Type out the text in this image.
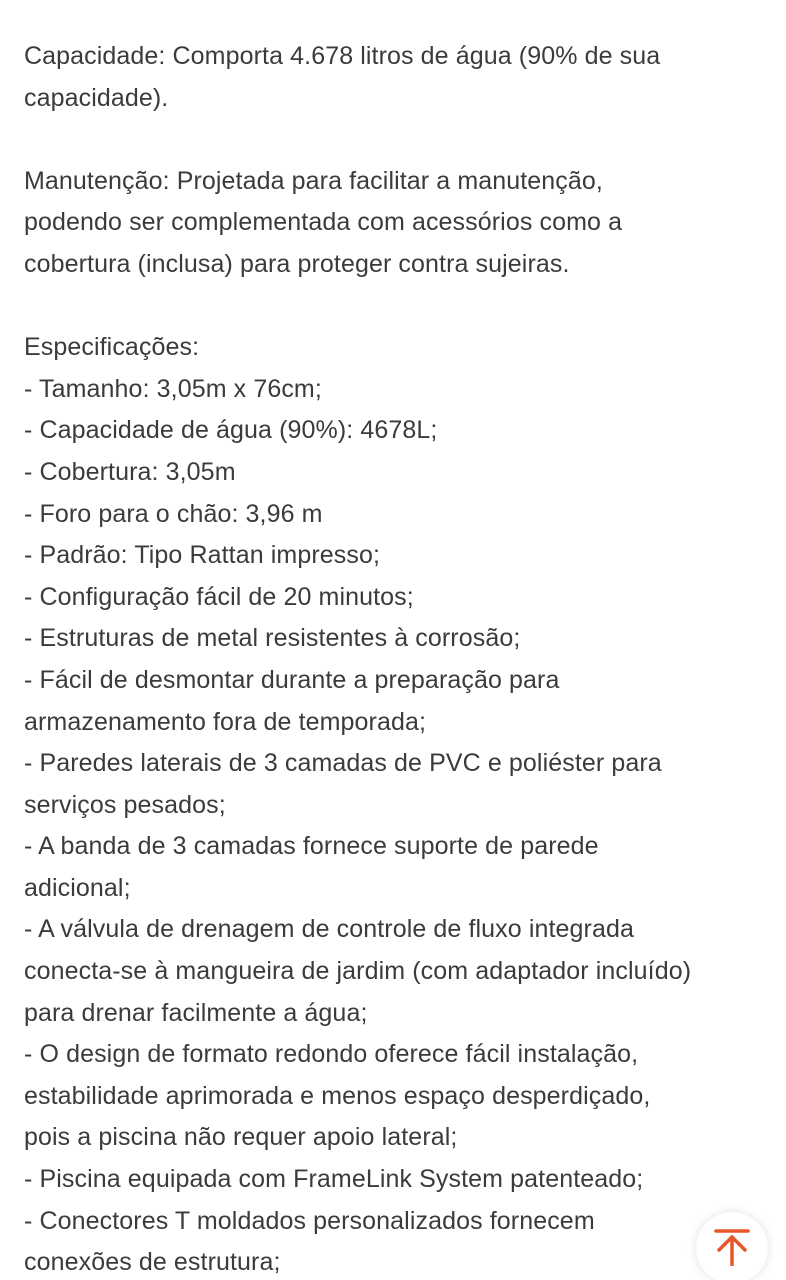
Capacidade: Comporta 4.678 litros de água (90% de sua

capacidade).

Manutenção: Projetada para facilitar a manutenção,

podendo ser complementada com acessórios como a

cobertura (inclusa) para proteger contra sujeiras.

Especificações:

- Tamanho: 3,05m x 76cm;

- Capacidade de água (90%): 4678L;

- Cobertura: 3,05m

- Foro para o chão: 3,96 m

- Padrão: Tipo Rattan impresso;

- Configuração fácil de 20 minutos;

- Estruturas de metal resistentes à corrosão;

- Fácil de desmontar durante a preparação para

armazenamento fora de temporada;

- Paredes laterais de 3 camadas de PVC e poliéster para

serviços pesados;

- A banda de 3 camadas fornece suporte de parede

adicional;

- A válvula de drenagem de controle de fluxo integrada

conecta-se à mangueira de jardim (com adaptador incluído)

para drenar facilmente a água;

- O design de formato redondo oferece fácil instalação,

estabilidade aprimorada e menos espaço desperdiçado,

pois a piscina não requer apoio lateral;

- Piscina equipada com FrameLink System patenteado;

- Conectores T moldados personalizados fornecem

conexões de estrutura;
